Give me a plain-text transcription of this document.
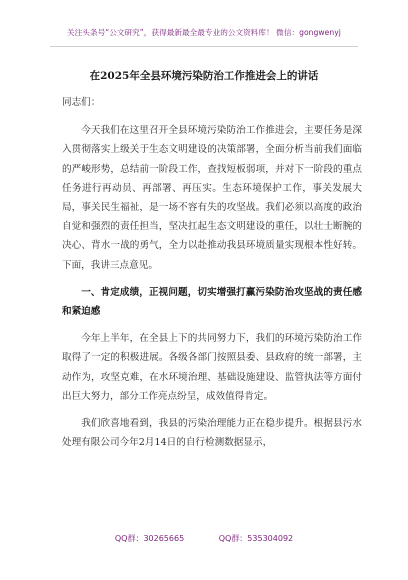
关注头条号“公文研究”，获得最新最全最专业的公文资料库！ 微信：gongwenyj
在2025年全县环境污染防治工作推进会上的讲话

同志们：

今天我们在这里召开全县环境污染防治工作推进会，主要任务是深入贯彻落实上级关于生态文明建设的决策部署，全面分析当前我们面临的严峻形势，总结前一阶段工作，查找短板弱项，并对下一阶段的重点任务进行再动员、再部署、再压实。生态环境保护工作，事关发展大局，事关民生福祉，是一场不容有失的攻坚战。我们必须以高度的政治自觉和强烈的责任担当，坚决扛起生态文明建设的重任，以壮士断腕的决心、背水一战的勇气，全力以赴推动我县环境质量实现根本性好转。下面，我讲三点意见。

一、肯定成绩，正视问题，切实增强打赢污染防治攻坚战的责任感和紧迫感

今年上半年，在全县上下的共同努力下，我们的环境污染防治工作取得了一定的积极进展。各级各部门按照县委、县政府的统一部署，主动作为，攻坚克难，在水环境治理、基础设施建设、监管执法等方面付出巨大努力，部分工作亮点纷呈，成效值得肯定。

我们欣喜地看到，我县的污染治理能力正在稳步提升。根据县污水处理有限公司今年2月14日的自行检测数据显示，

QQ群：30265665	QQ群：535304092
